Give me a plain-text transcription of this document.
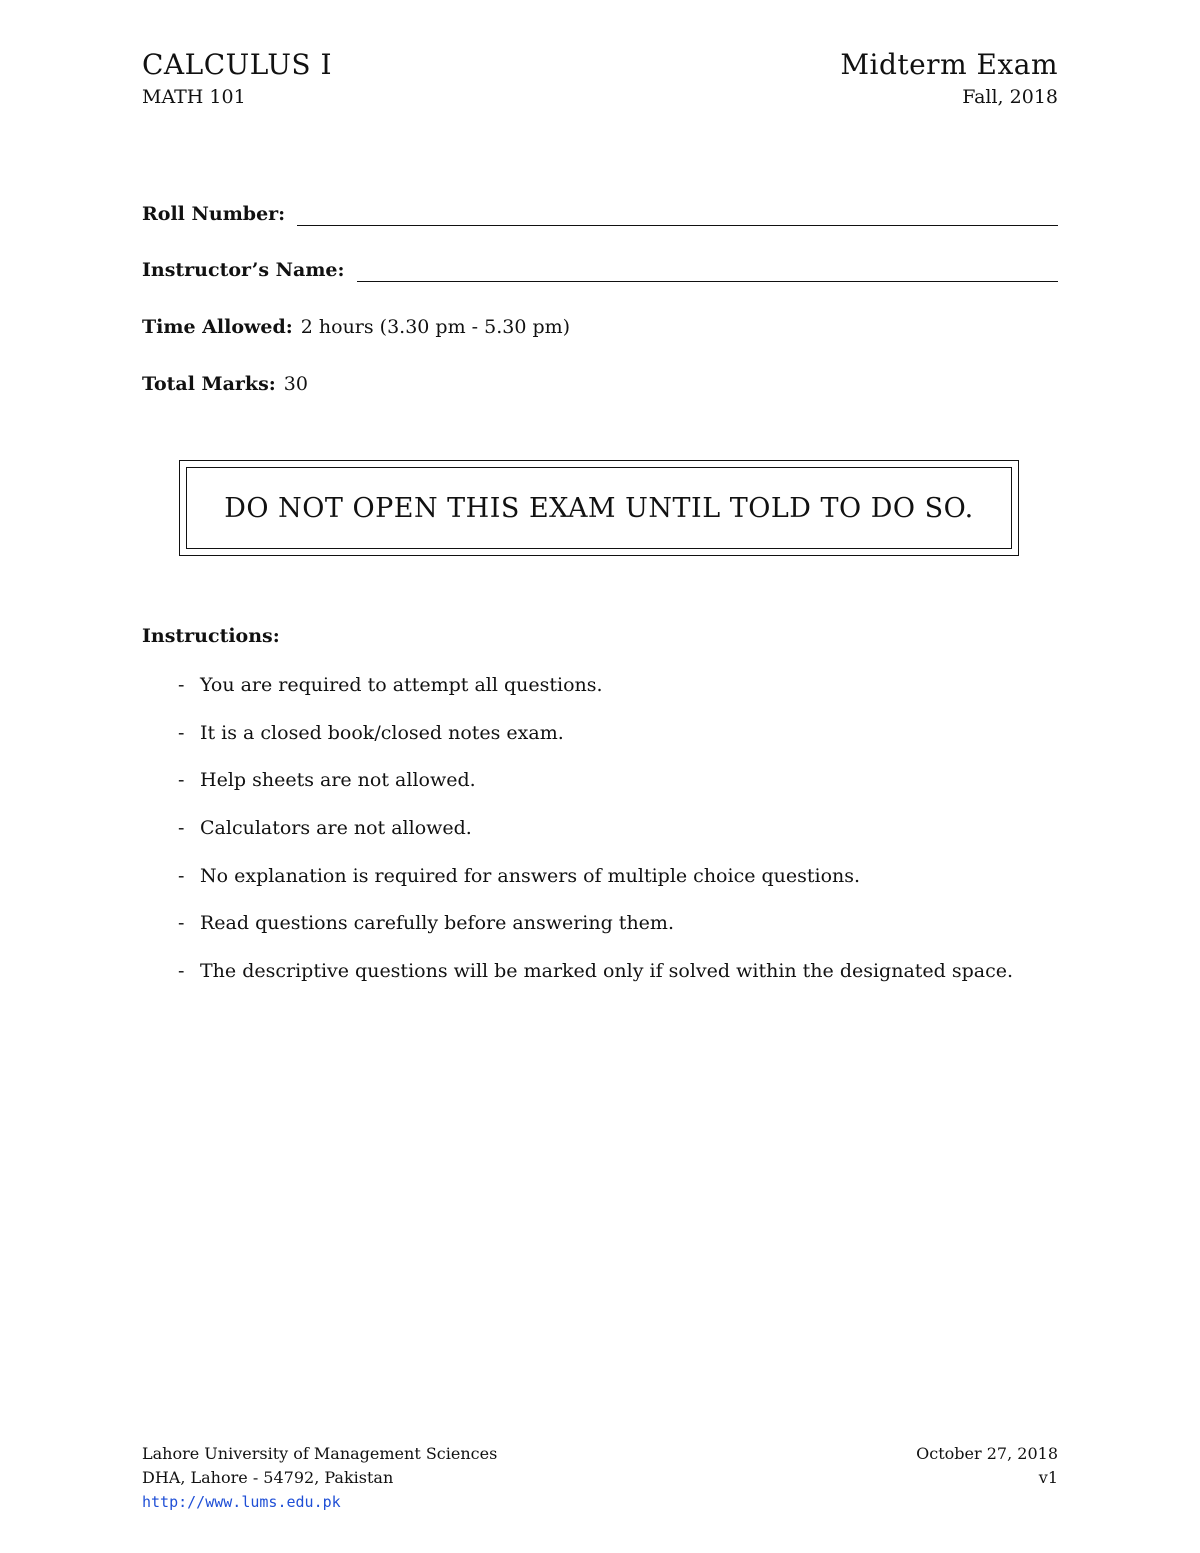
CALCULUS I
MATH 101
Midterm Exam
Fall, 2018
Roll Number:
Instructor’s Name:
Time Allowed: 2 hours (3.30 pm - 5.30 pm)
Total Marks: 30
DO NOT OPEN THIS EXAM UNTIL TOLD TO DO SO.
Instructions:
- You are required to attempt all questions.
- It is a closed book/closed notes exam.
- Help sheets are not allowed.
- Calculators are not allowed.
- No explanation is required for answers of multiple choice questions.
- Read questions carefully before answering them.
- The descriptive questions will be marked only if solved within the designated space.
Lahore University of Management Sciences
DHA, Lahore - 54792, Pakistan
http://www.lums.edu.pk
October 27, 2018
v1
